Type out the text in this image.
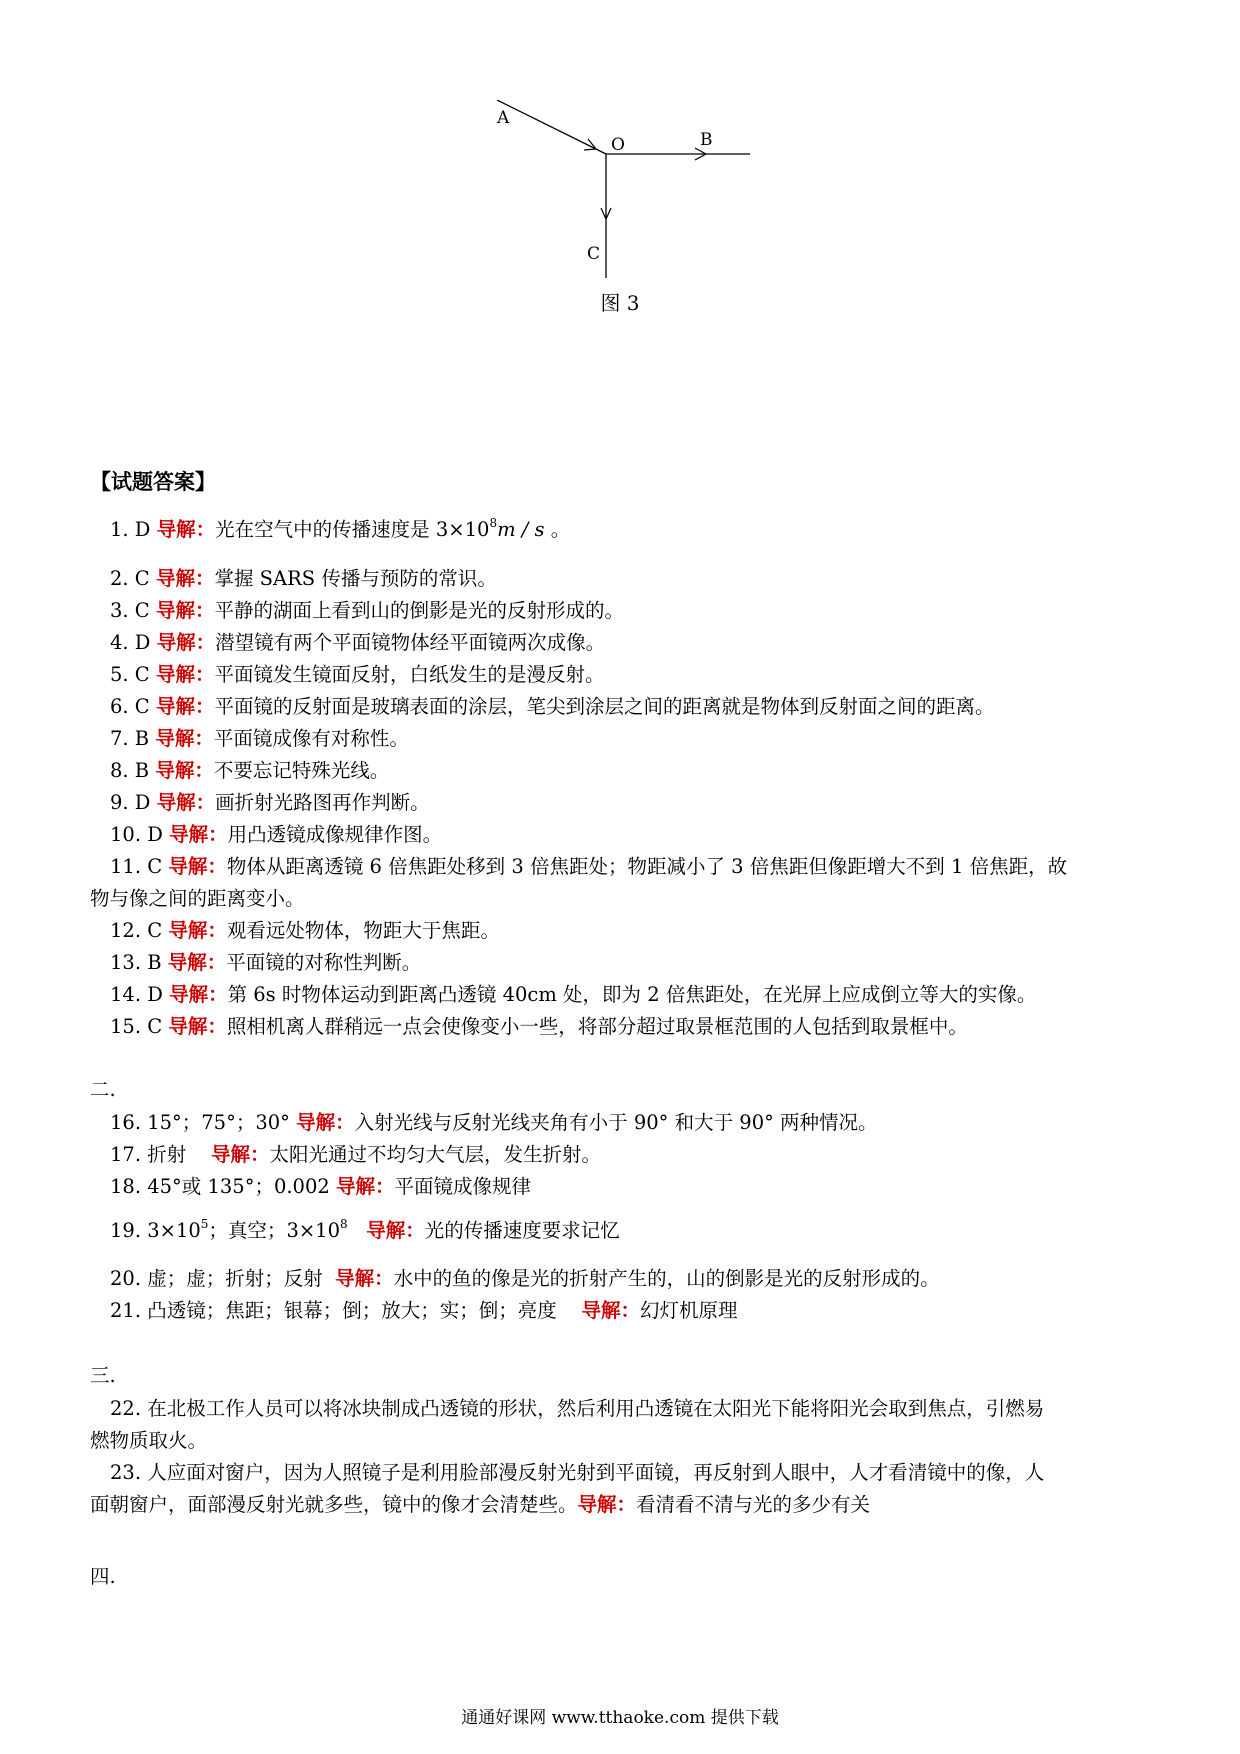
A
O	B
C
图 3
【试题答案】
1. D 导解：光在空气中的传播速度是 $3\times 10^8m / s$ 。
2. C 导解：掌握 SARS 传播与预防的常识。
3. C 导解：平静的湖面上看到山的倒影是光的反射形成的。
4. D 导解：潜望镜有两个平面镜物体经平面镜两次成像。
5. C 导解：平面镜发生镜面反射，白纸发生的是漫反射。
6. C 导解：平面镜的反射面是玻璃表面的涂层，笔尖到涂层之间的距离就是物体到反射面之间的距离。
7. B 导解：平面镜成像有对称性。
8. B 导解：不要忘记特殊光线。
9. D 导解：画折射光路图再作判断。
10. D 导解：用凸透镜成像规律作图。
11. C 导解：物体从距离透镜 6 倍焦距处移到 3 倍焦距处；物距减小了 3 倍焦距但像距增大不到 1 倍焦距，故
物与像之间的距离变小。
12. C 导解：观看远处物体，物距大于焦距。
13. B 导解：平面镜的对称性判断。
14. D 导解：第 6s 时物体运动到距离凸透镜 40cm 处，即为 2 倍焦距处，在光屏上应成倒立等大的实像。
15. C 导解：照相机离人群稍远一点会使像变小一些，将部分超过取景框范围的人包括到取景框中。
二.
16. 15°；75°；30° 导解：入射光线与反射光线夹角有小于 90° 和大于 90° 两种情况。
17. 折射 导解：太阳光通过不均匀大气层，发生折射。
18. 45°或 135°；0.002 导解：平面镜成像规律
19. $3\times 10^5$；真空；$3\times 10^8$ 导解：光的传播速度要求记忆
20. 虚；虚；折射；反射 导解：水中的鱼的像是光的折射产生的，山的倒影是光的反射形成的。
21. 凸透镜；焦距；银幕；倒；放大；实；倒；亮度 导解：幻灯机原理
三.
22. 在北极工作人员可以将冰块制成凸透镜的形状，然后利用凸透镜在太阳光下能将阳光会取到焦点，引燃易
燃物质取火。
23. 人应面对窗户，因为人照镜子是利用脸部漫反射光射到平面镜，再反射到人眼中，人才看清镜中的像，人
面朝窗户，面部漫反射光就多些，镜中的像才会清楚些。导解：看清看不清与光的多少有关
四.
通通好课网 www.tthaoke.com 提供下载
